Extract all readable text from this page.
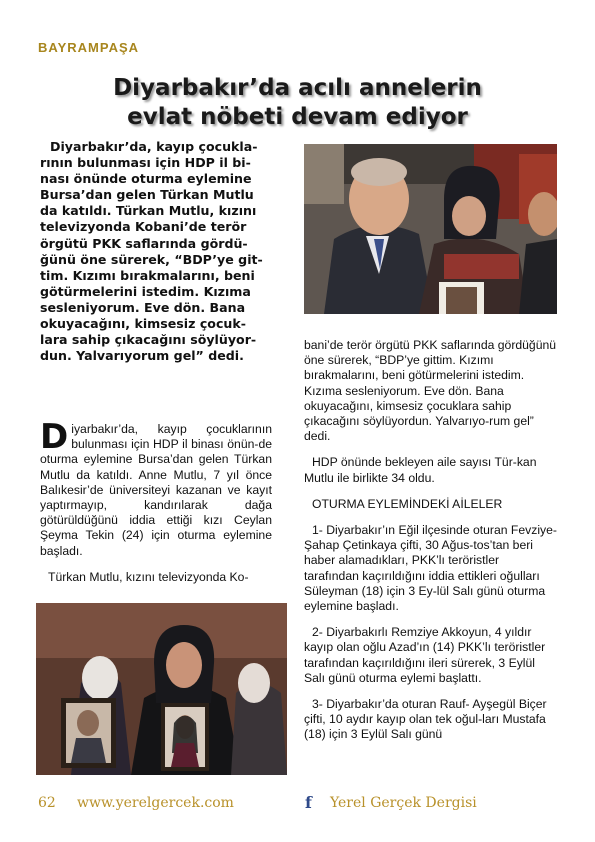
BAYRAMPAŞA
Diyarbakır’da acılı annelerin
evlat nöbeti devam ediyor
Diyarbakır’da, kayıp çocukla-
rının bulunması için HDP il bi-
nası önünde oturma eylemine
Bursa’dan gelen Türkan Mutlu
da katıldı. Türkan Mutlu, kızını
televizyonda Kobani’de terör
örgütü PKK saflarında gördü-
ğünü öne sürerek, “BDP’ye git-
tim. Kızımı bırakmalarını, beni
götürmelerini istedim. Kızıma
sesleniyorum. Eve dön. Bana
okuyacağını, kimsesiz çocuk-
lara sahip çıkacağını söylüyor-
dun. Yalvarıyorum gel” dedi.

Diyarbakır’da, kayıp çocuklarının bulunması için HDP il binası önün-de oturma eylemine Bursa’dan gelen Türkan Mutlu da katıldı. Anne Mutlu, 7 yıl önce Balıkesir’de üniversiteyi kazanan ve kayıt yaptırmayıp, kandırılarak dağa götürüldüğünü iddia ettiği kızı Ceylan Şeyma Tekin (24) için oturma eylemine başladı.

Türkan Mutlu, kızını televizyonda Ko-

bani’de terör örgütü PKK saflarında gördüğünü öne sürerek, “BDP’ye gittim. Kızımı bırakmalarını, beni götürmelerini istedim. Kızıma sesleniyorum. Eve dön. Bana okuyacağını, kimsesiz çocuklara sahip çıkacağını söylüyordun. Yalvarıyo-rum gel” dedi.

HDP önünde bekleyen aile sayısı Tür-kan Mutlu ile birlikte 34 oldu.

OTURMA EYLEMİNDEKİ AİLELER

1- Diyarbakır’ın Eğil ilçesinde oturan Fevziye- Şahap Çetinkaya çifti, 30 Ağus-tos’tan beri haber alamadıkları, PKK’lı teröristler tarafından kaçırıldığını iddia ettikleri oğulları Süleyman (18) için 3 Ey-lül Salı günü oturma eylemine başladı.

2- Diyarbakırlı Remziye Akkoyun, 4 yıldır kayıp olan oğlu Azad’ın (14) PKK’lı teröristler tarafından kaçırıldığını ileri sürerek, 3 Eylül Salı günü oturma eylemi başlattı.

3- Diyarbakır’da oturan Rauf- Ayşegül Biçer çifti, 10 aydır kayıp olan tek oğul-ları Mustafa (18) için 3 Eylül Salı günü

62 www.yerelgercek.com	f Yerel Gerçek Dergisi
